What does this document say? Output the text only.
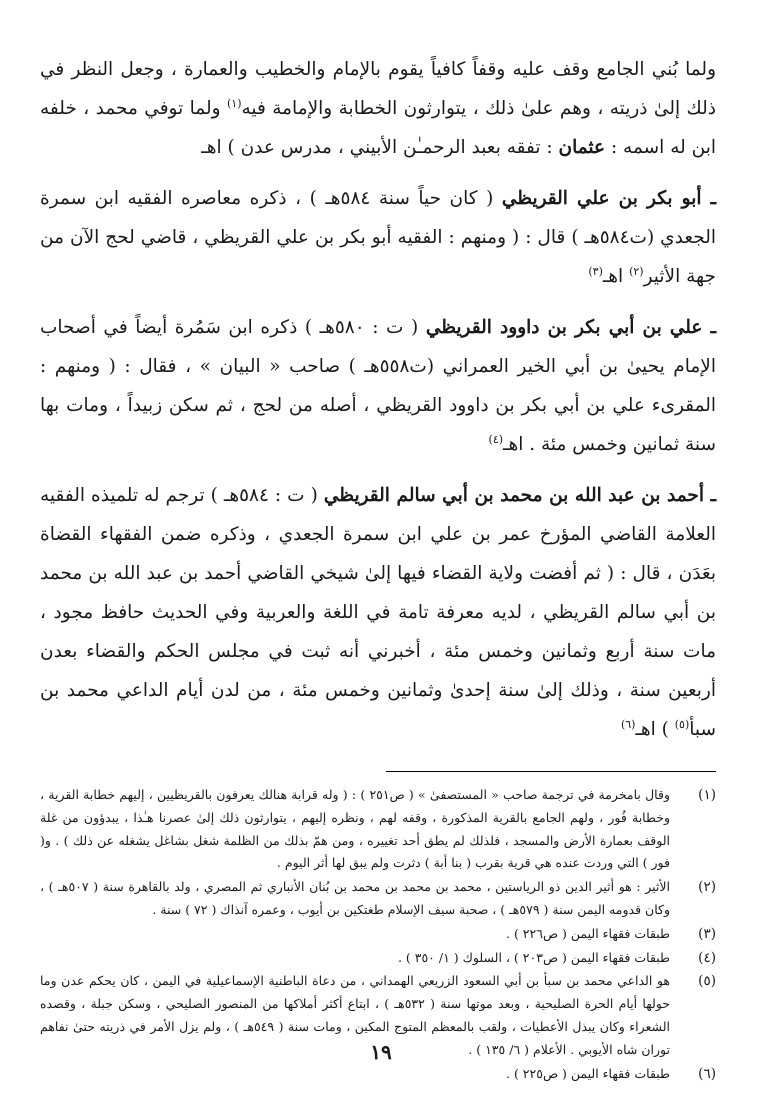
ولما بُني الجامع وقف عليه وقفاً كافياً يقوم بالإمام والخطيب والعمارة ، وجعل النظر في ذلك إلىٰ ذريته ، وهم علىٰ ذلك ، يتوارثون الخطابة والإمامة فيه$^{(١)}$ ولما توفي محمد ، خلفه ابن له اسمه : عثمان : تفقه بعبد الرحمـٰن الأبيني ، مدرس عدن ) اهـ

ـ أبو بكر بن علي القريظي ( كان حياً سنة ٥٨٤هـ ) ، ذكره معاصره الفقيه ابن سمرة الجعدي (ت٥٨٤هـ ) قال : ( ومنهم : الفقيه أبو بكر بن علي القريظي ، قاضي لحج الآن من جهة الأثير$^{(٢)}$ اهـ$^{(٣)}$

ـ علي بن أبي بكر بن داوود القريظي ( ت : ٥٨٠هـ ) ذكره ابن سَمُرة أيضاً في أصحاب الإمام يحيىٰ بن أبي الخير العمراني (ت٥٥٨هـ ) صاحب « البيان » ، فقال : ( ومنهم : المقرىء علي بن أبي بكر بن داوود القريظي ، أصله من لحج ، ثم سكن زبيداً ، ومات بها سنة ثمانين وخمس مئة . اهـ$^{(٤)}$

ـ أحمد بن عبد الله بن محمد بن أبي سالم القريظي ( ت : ٥٨٤هـ ) ترجم له تلميذه الفقيه العلامة القاضي المؤرخ عمر بن علي ابن سمرة الجعدي ، وذكره ضمن الفقهاء القضاة بعَدَن ، قال : ( ثم أفضت ولاية القضاء فيها إلىٰ شيخي القاضي أحمد بن عبد الله بن محمد بن أبي سالم القريظي ، لديه معرفة تامة في اللغة والعربية وفي الحديث حافظ مجود ، مات سنة أربع وثمانين وخمس مئة ، أخبرني أنه ثبت في مجلس الحكم والقضاء بعدن أربعين سنة ، وذلك إلىٰ سنة إحدىٰ وثمانين وخمس مئة ، من لدن أيام الداعي محمد بن سبأ$^{(٥)}$ ) اهـ$^{(٦)}$

(١)
وقال بامخرمة في ترجمة صاحب « المستصفىٰ » ( ص٢٥١ ) : ( وله قرابة هنالك يعرفون بالقريظيين ، إليهم خطابة القرية ، وخطابة فُور ، ولهم الجامع بالقرية المذكورة ، وقفه لهم ، ونظره إليهم ، يتوارثون ذلك إلىٰ عصرنا هـٰذا ، يبدؤون من غلة الوقف بعمارة الأرض والمسجد ، فلذلك لم يطق أحد تغييره ، ومن همّ بذلك من الظلمة شغل بشاغل يشغله عن ذلك ) . و( فور ) التي وردت عنده هي قرية بقرب ( بنا أبة ) دثرت ولم يبق لها أثر اليوم .
(٢)
الأثير : هو أثير الدين ذو الرياستين ، محمد بن محمد بن محمد بن بُنان الأنباري ثم المصري ، ولد بالقاهرة سنة ( ٥٠٧هـ ) ، وكان قدومه اليمن سنة ( ٥٧٩هـ ) ، صحبة سيف الإسلام طغتكين بن أيوب ، وعمره آنذاك ( ٧٢ ) سنة .
(٣)
طبقات فقهاء اليمن ( ص٢٢٦ ) .
(٤)
طبقات فقهاء اليمن ( ص٢٠٣ ) ، السلوك ( ١/ ٣٥٠ ) .
(٥)
هو الداعي محمد بن سبأ بن أبي السعود الزريعي الهمداني ، من دعاة الباطنية الإسماعيلية في اليمن ، كان يحكم عدن وما حولها أيام الحرة الصليحية ، وبعد موتها سنة ( ٥٣٢هـ ) ، ابتاع أكثر أملاكها من المنصور الصليحي ، وسكن جبلة ، وقصده الشعراء وكان يبذل الأعطيات ، ولقب بالمعظم المتوج المكين ، ومات سنة ( ٥٤٩هـ ) ، ولم يزل الأمر في ذريته حتىٰ نفاهم توران شاه الأيوبي . الأعلام ( ٦/ ١٣٥ ) .
(٦)
طبقات فقهاء اليمن ( ص٢٢٥ ) .
١٩
